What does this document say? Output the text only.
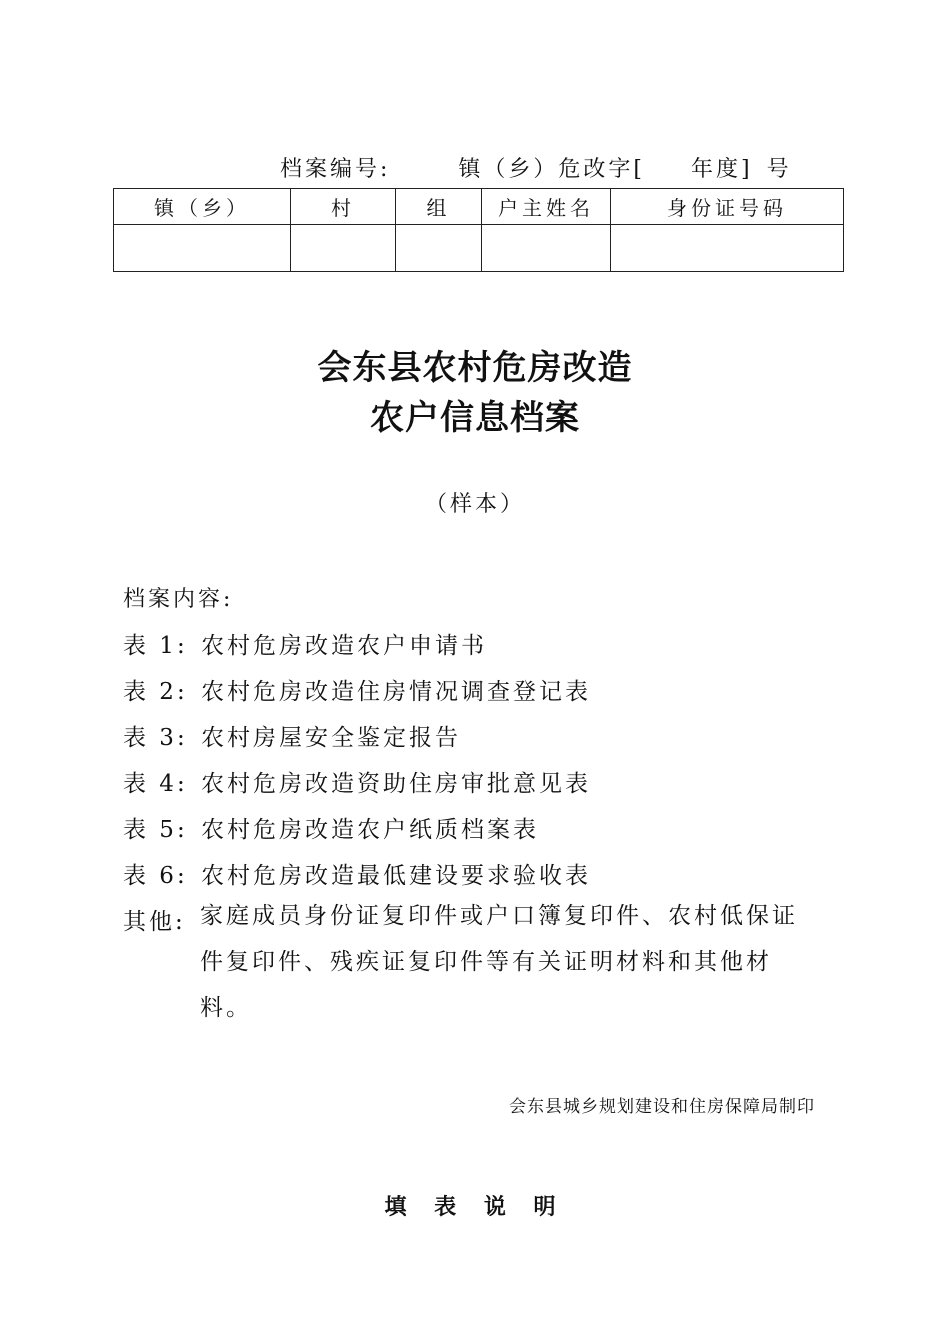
档案编号:	镇（乡）危改字[ 年度] 号
镇（乡）	村	组	户主姓名	身份证号码

会东县农村危房改造
农户信息档案
（样本）
档案内容:
表 1: 农村危房改造农户申请书
表 2: 农村危房改造住房情况调查登记表
表 3: 农村房屋安全鉴定报告
表 4: 农村危房改造资助住房审批意见表
表 5: 农村危房改造农户纸质档案表
表 6: 农村危房改造最低建设要求验收表
其他: 家庭成员身份证复印件或户口簿复印件、农村低保证件复印件、残疾证复印件等有关证明材料和其他材料。
会东县城乡规划建设和住房保障局制印
填 表 说 明
